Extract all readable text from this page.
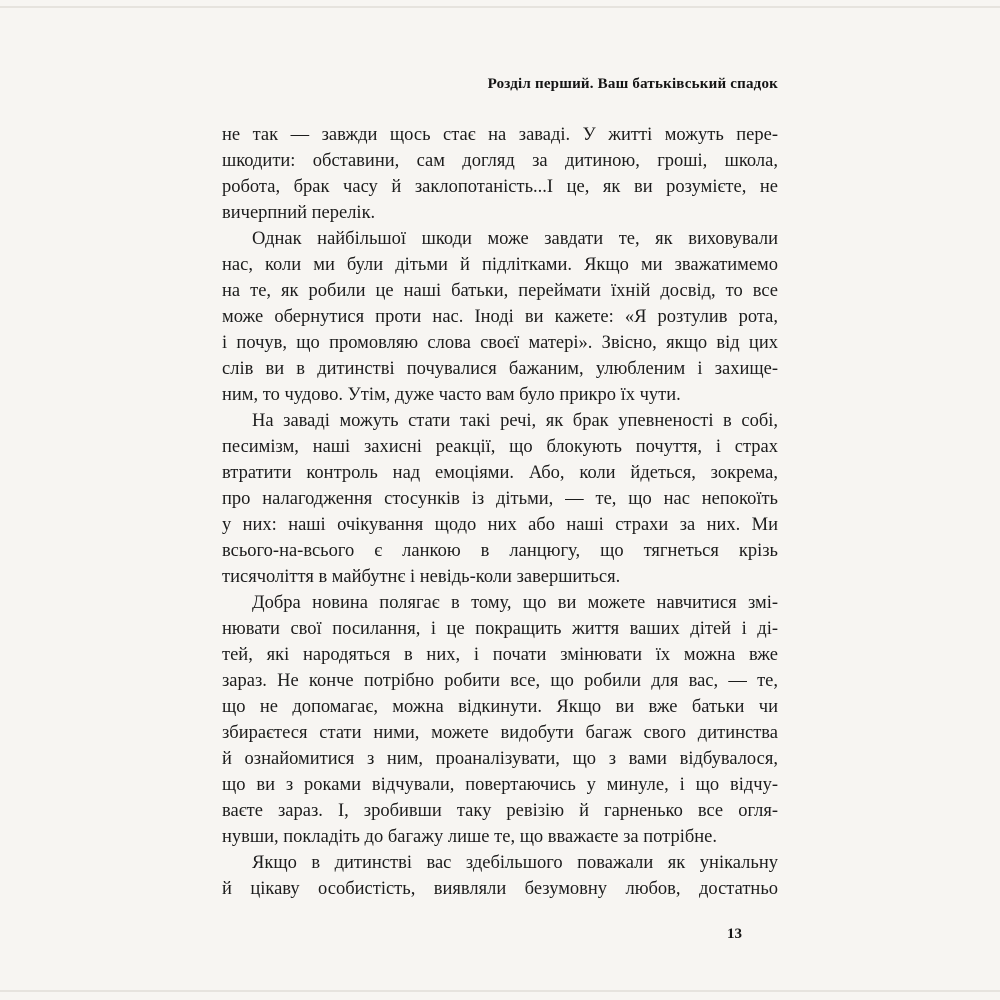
Розділ перший. Ваш батьківський спадок
не так — завжди щось стає на заваді. У житті можуть пере-
шкодити: обставини, сам догляд за дитиною, гроші, школа,
робота, брак часу й заклопотаність...І це, як ви розумієте, не
вичерпний перелік.
Однак найбільшої шкоди може завдати те, як виховували
нас, коли ми були дітьми й підлітками. Якщо ми зважатимемо
на те, як робили це наші батьки, переймати їхній досвід, то все
може обернутися проти нас. Іноді ви кажете: «Я розтулив рота,
і почув, що промовляю слова своєї матері». Звісно, якщо від цих
слів ви в дитинстві почувалися бажаним, улюбленим і захище-
ним, то чудово. Утім, дуже часто вам було прикро їх чути.
На заваді можуть стати такі речі, як брак упевненості в собі,
песимізм, наші захисні реакції, що блокують почуття, і страх
втратити контроль над емоціями. Або, коли йдеться, зокрема,
про налагодження стосунків із дітьми, — те, що нас непокоїть
у них: наші очікування щодо них або наші страхи за них. Ми
всього-на-всього є ланкою в ланцюгу, що тягнеться крізь
тисячоліття в майбутнє і невідь-коли завершиться.
Добра новина полягає в тому, що ви можете навчитися змі-
нювати свої посилання, і це покращить життя ваших дітей і ді-
тей, які народяться в них, і почати змінювати їх можна вже
зараз. Не конче потрібно робити все, що робили для вас, — те,
що не допомагає, можна відкинути. Якщо ви вже батьки чи
збираєтеся стати ними, можете видобути багаж свого дитинства
й ознайомитися з ним, проаналізувати, що з вами відбувалося,
що ви з роками відчували, повертаючись у минуле, і що відчу-
ваєте зараз. І, зробивши таку ревізію й гарненько все огля-
нувши, покладіть до багажу лише те, що вважаєте за потрібне.
Якщо в дитинстві вас здебільшого поважали як унікальну
й цікаву особистість, виявляли безумовну любов, достатньо
13
